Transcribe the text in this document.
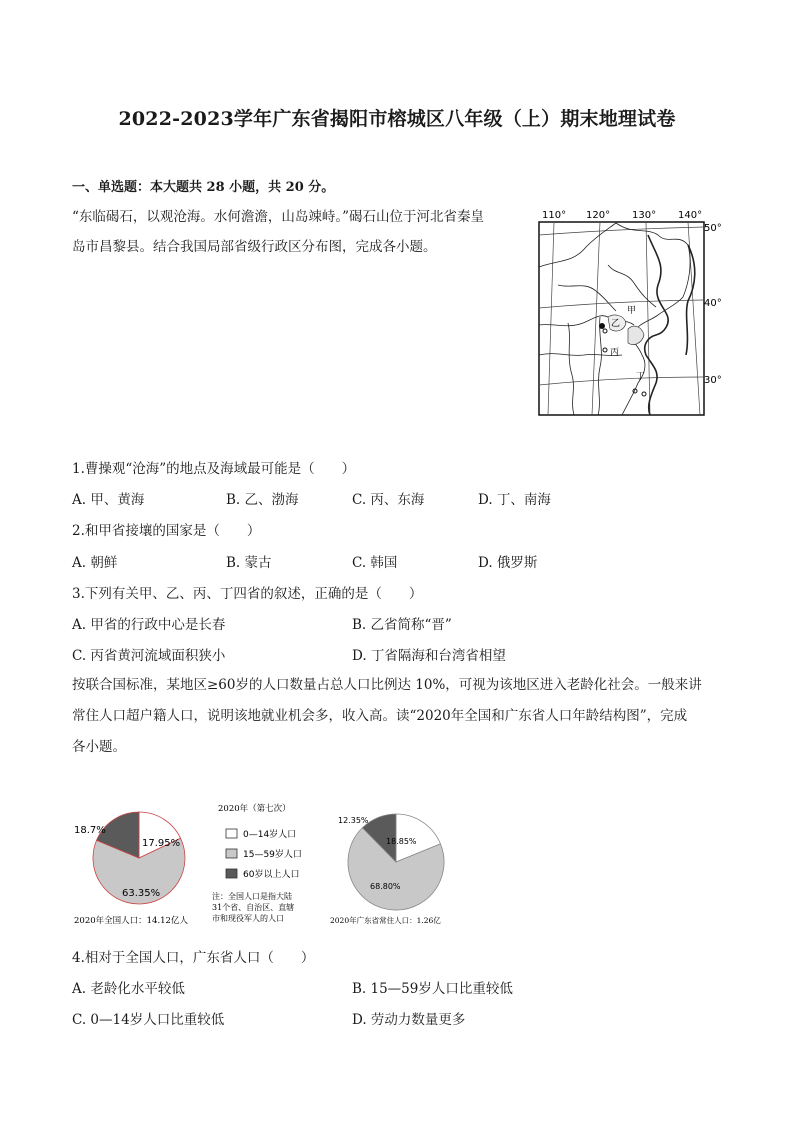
2022-2023学年广东省揭阳市榕城区八年级（上）期末地理试卷
一、单选题：本大题共 28 小题，共 20 分。
“东临碣石，以观沧海。水何澹澹，山岛竦峙。”碣石山位于河北省秦皇
岛市昌黎县。结合我国局部省级行政区分布图，完成各小题。
110° 120° 130° 140°
50°
40°
30°
甲
乙
丙
丁
1.曹操观“沧海”的地点及海域最可能是（　　）
A. 甲、黄海	B. 乙、渤海	C. 丙、东海	D. 丁、南海
2.和甲省接壤的国家是（　　）
A. 朝鲜	B. 蒙古	C. 韩国	D. 俄罗斯
3.下列有关甲、乙、丙、丁四省的叙述，正确的是（　　）
A. 甲省的行政中心是长春	B. 乙省简称“晋”
C. 丙省黄河流域面积狭小	D. 丁省隔海和台湾省相望
按联合国标准，某地区≥60岁的人口数量占总人口比例达 10%，可视为该地区进入老龄化社会。一般来讲
常住人口超户籍人口，说明该地就业机会多，收入高。读“2020年全国和广东省人口年龄结构图”，完成
各小题。
17.95%
63.35%
18.7%
2020年全国人口：14.12亿人
18.85%
68.80%
12.35%
2020年广东省常住人口：1.26亿
2020年（第七次）
0—14岁人口
15—59岁人口
60岁以上人口
注：全国人口是指大陆
31个省、自治区、直辖
市和现役军人的人口
4.相对于全国人口，广东省人口（　　）
A. 老龄化水平较低	B. 15—59岁人口比重较低
C. 0—14岁人口比重较低	D. 劳动力数量更多
